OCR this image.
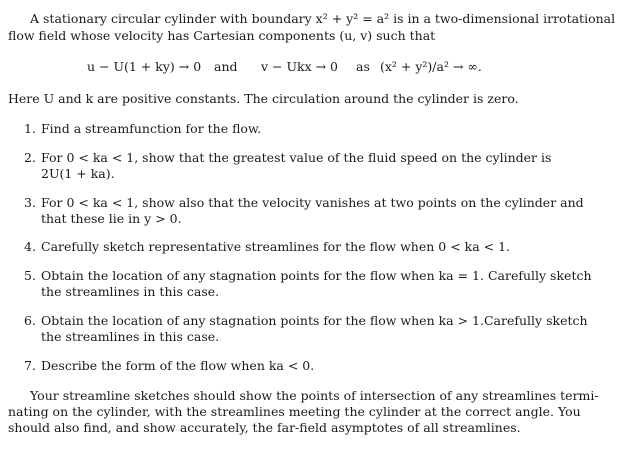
A stationary circular cylinder with boundary x² + y² = a² is in a two-dimensional irrotational
flow field whose velocity has Cartesian components (u, v) such that
u − U(1 + ky) → 0 and v − Ukx → 0 as (x² + y²)/a² → ∞.
Here U and k are positive constants. The circulation around the cylinder is zero.
1. Find a streamfunction for the flow.
2. For 0 < ka < 1, show that the greatest value of the fluid speed on the cylinder is
2U(1 + ka).
3. For 0 < ka < 1, show also that the velocity vanishes at two points on the cylinder and
that these lie in y > 0.
4. Carefully sketch representative streamlines for the flow when 0 < ka < 1.
5. Obtain the location of any stagnation points for the flow when ka = 1. Carefully sketch
the streamlines in this case.
6. Obtain the location of any stagnation points for the flow when ka > 1.Carefully sketch
the streamlines in this case.
7. Describe the form of the flow when ka < 0.
Your streamline sketches should show the points of intersection of any streamlines termi-
nating on the cylinder, with the streamlines meeting the cylinder at the correct angle. You
should also find, and show accurately, the far-field asymptotes of all streamlines.
